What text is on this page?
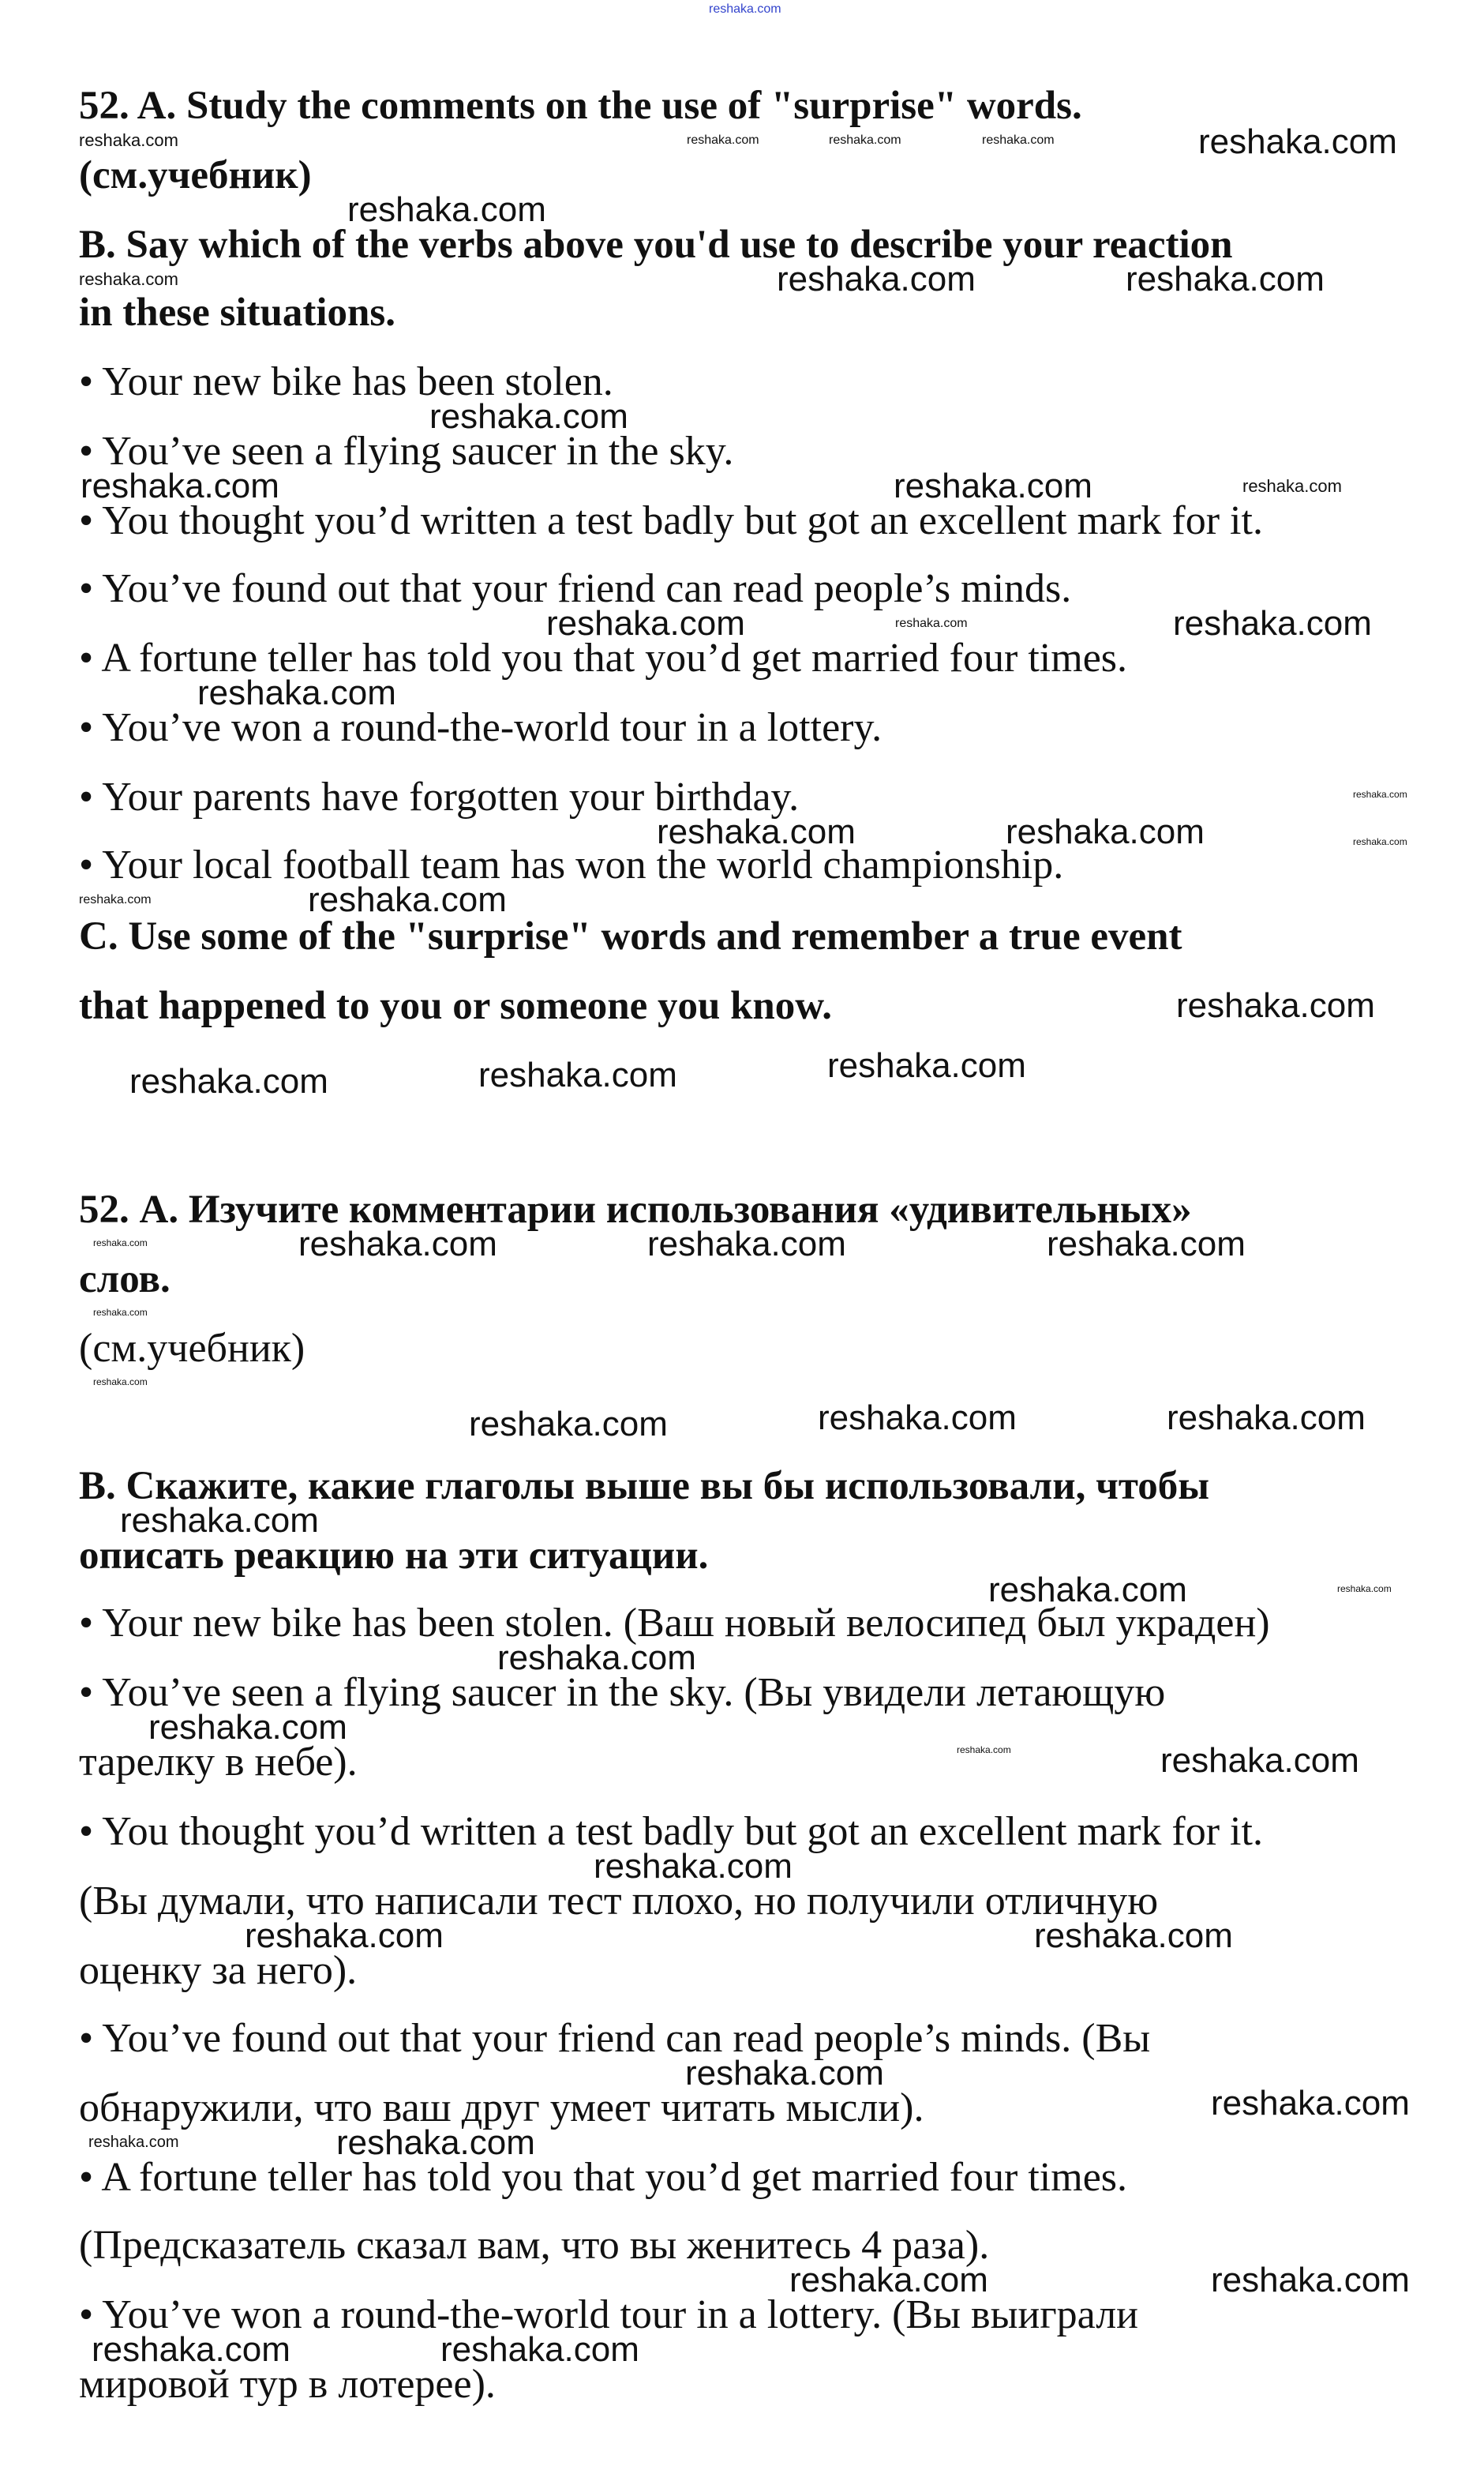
52. A. Study the comments on the use of "surprise" words.
(см.учебник)
B. Say which of the verbs above you'd use to describe your reaction
in these situations.
• Your new bike has been stolen.
• You’ve seen a flying saucer in the sky.
• You thought you’d written a test badly but got an excellent mark for it.
• You’ve found out that your friend can read people’s minds.
• A fortune teller has told you that you’d get married four times.
• You’ve won a round-the-world tour in a lottery.
• Your parents have forgotten your birthday.
• Your local football team has won the world championship.
C. Use some of the "surprise" words and remember a true event
that happened to you or someone you know.
52. А. Изучите комментарии использования «удивительных»
слов.
(см.учебник)
В. Скажите, какие глаголы выше вы бы использовали, чтобы
описать реакцию на эти ситуации.
• Your new bike has been stolen. (Ваш новый велосипед был украден)
• You’ve seen a flying saucer in the sky. (Вы увидели летающую
тарелку в небе).
• You thought you’d written a test badly but got an excellent mark for it.
(Вы думали, что написали тест плохо, но получили отличную
оценку за него).
• You’ve found out that your friend can read people’s minds. (Вы
обнаружили, что ваш друг умеет читать мысли).
• A fortune teller has told you that you’d get married four times.
(Предсказатель сказал вам, что вы женитесь 4 раза).
• You’ve won a round-the-world tour in a lottery. (Вы выиграли
мировой тур в лотерее).
reshaka.com
reshaka.com
reshaka.com	reshaka.com	reshaka.com
reshaka.com
reshaka.com
reshaka.com	reshaka.com	reshaka.com
reshaka.com
reshaka.com	reshaka.com
reshaka.com
reshaka.com	reshaka.com	reshaka.com
reshaka.com
reshaka.com
reshaka.com
reshaka.com	reshaka.com
reshaka.com	reshaka.com
reshaka.com
reshaka.com	reshaka.com	reshaka.com
reshaka.com	reshaka.com	reshaka.com	reshaka.com
reshaka.com
reshaka.com
reshaka.com	reshaka.com	reshaka.com
reshaka.com
reshaka.com	reshaka.com
reshaka.com
reshaka.com
reshaka.com	reshaka.com
reshaka.com
reshaka.com	reshaka.com
reshaka.com
reshaka.com
reshaka.com	reshaka.com
reshaka.com	reshaka.com
reshaka.com	reshaka.com
